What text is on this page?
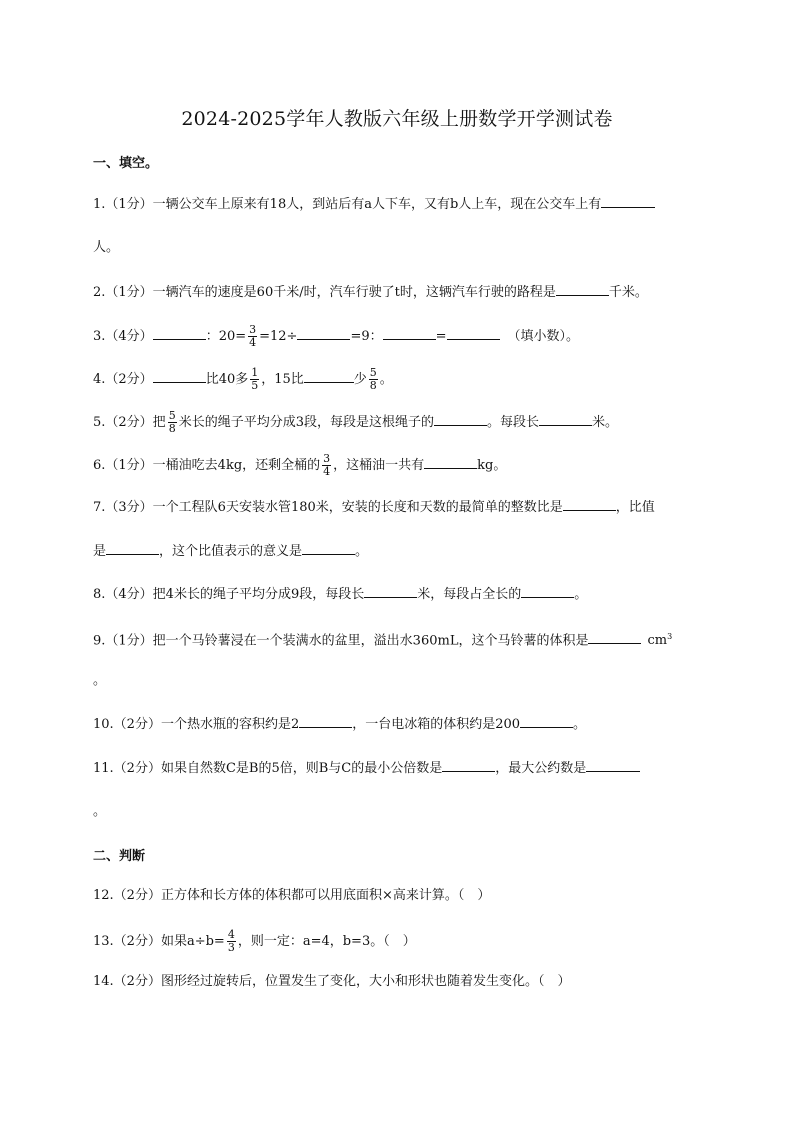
2024-2025学年人教版六年级上册数学开学测试卷
一、填空。
1.（1分）一辆公交车上原来有18人，到站后有a人下车，又有b人上车，现在公交车上有
人。
2.（1分）一辆汽车的速度是60千米/时，汽车行驶了t时，这辆汽车行驶的路程是	千米。
3.（4分）	：$20= \frac{3}{4} =12\div$	=9：	=	（填小数）。
4.（2分）	比40多 $\frac{1}{5}$ ，15比	少 $\frac{5}{8}$ 。
5.（2分）把 $\frac{5}{8}$ 米长的绳子平均分成3段，每段是这根绳子的	。每段长	米。
6.（1分）一桶油吃去4kg，还剩全桶的 $\frac{3}{4}$ ，这桶油一共有	kg。
7.（3分）一个工程队6天安装水管180米，安装的长度和天数的最简单的整数比是	，比值
是	，这个比值表示的意义是	。
8.（4分）把4米长的绳子平均分成9段，每段长	米，每段占全长的	。
9.（1分）把一个马铃薯浸在一个装满水的盆里，溢出水360mL，这个马铃薯的体积是	$cm^3$
。
10.（2分）一个热水瓶的容积约是2	，一台电冰箱的体积约是200	。
11.（2分）如果自然数C是B的5倍，则B与C的最小公倍数是	，最大公约数是
。
二、判断
12.（2分）正方体和长方体的体积都可以用底面积×高来计算。（　）
13.（2分）如果$a\div b= \frac{4}{3}$ ，则一定：a=4，b=3。（　）
14.（2分）图形经过旋转后，位置发生了变化，大小和形状也随着发生变化。（　）
